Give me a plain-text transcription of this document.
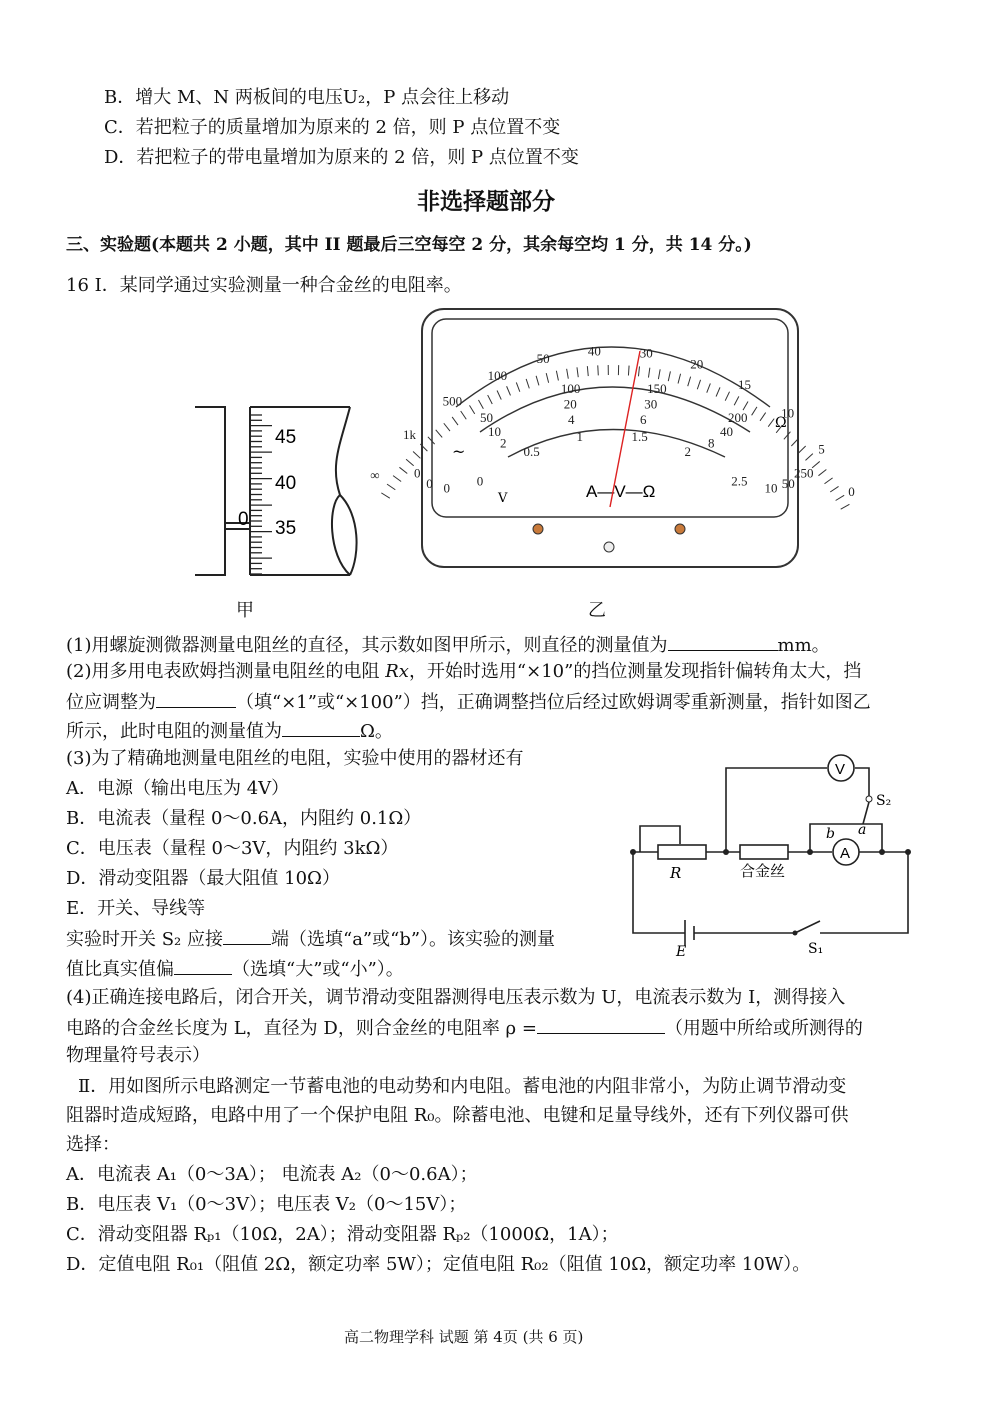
B．增大 M、N 两板间的电压U₂，P 点会往上移动
C．若把粒子的质量增加为原来的 2 倍，则 P 点位置不变
D．若把粒子的带电量增加为原来的 2 倍，则 P 点位置不变
非选择题部分
三、实验题(本题共 2 小题，其中 II 题最后三空每空 2 分，其余每空均 1 分，共 14 分。)
16 Ⅰ．某同学通过实验测量一种合金丝的电阻率。
45
40
35
0
甲
∞
1k
500
100
50
40	30
20
15
10
5
0
0
50
100	150
200
250
0
10
20	30
40
50
0
2
4	6
8
10
0
0.5
1	1.5
2
2.5
Ω
~
V	A—V—Ω
乙
(1)用螺旋测微器测量电阻丝的直径，其示数如图甲所示，则直径的测量值为	mm。
(2)用多用电表欧姆挡测量电阻丝的电阻 Rx，开始时选用“×10”的挡位测量发现指针偏转角太大，挡
位应调整为	（填“×1”或“×100”）挡，正确调整挡位后经过欧姆调零重新测量，指针如图乙
所示，此时电阻的测量值为	Ω。
(3)为了精确地测量电阻丝的电阻，实验中使用的器材还有
A．电源（输出电压为 4V）
B．电流表（量程 0～0.6A，内阻约 0.1Ω）
C．电压表（量程 0～3V，内阻约 3kΩ）
D．滑动变阻器（最大阻值 10Ω）
E．开关、导线等
实验时开关 S₂ 应接	端（选填“a”或“b”）。该实验的测量
值比真实值偏	（选填“大”或“小”）。
V
A
S₂
b a
R	合金丝
E	S₁
(4)正确连接电路后，闭合开关，调节滑动变阻器测得电压表示数为 U，电流表示数为 I，测得接入
电路的合金丝长度为 L，直径为 D，则合金丝的电阻率 ρ =	（用题中所给或所测得的
物理量符号表示）
Ⅱ．用如图所示电路测定一节蓄电池的电动势和内电阻。蓄电池的内阻非常小，为防止调节滑动变
阻器时造成短路，电路中用了一个保护电阻 R₀。除蓄电池、电键和足量导线外，还有下列仪器可供
选择：
A．电流表 A₁（0～3A）； 电流表 A₂（0～0.6A）；
B．电压表 V₁（0～3V）；电压表 V₂（0～15V）；
C．滑动变阻器 Rₚ₁（10Ω，2A）；滑动变阻器 Rₚ₂（1000Ω，1A）；
D．定值电阻 R₀₁（阻值 2Ω，额定功率 5W）；定值电阻 R₀₂（阻值 10Ω，额定功率 10W）。
高二物理学科 试题 第 4页 (共 6 页)
